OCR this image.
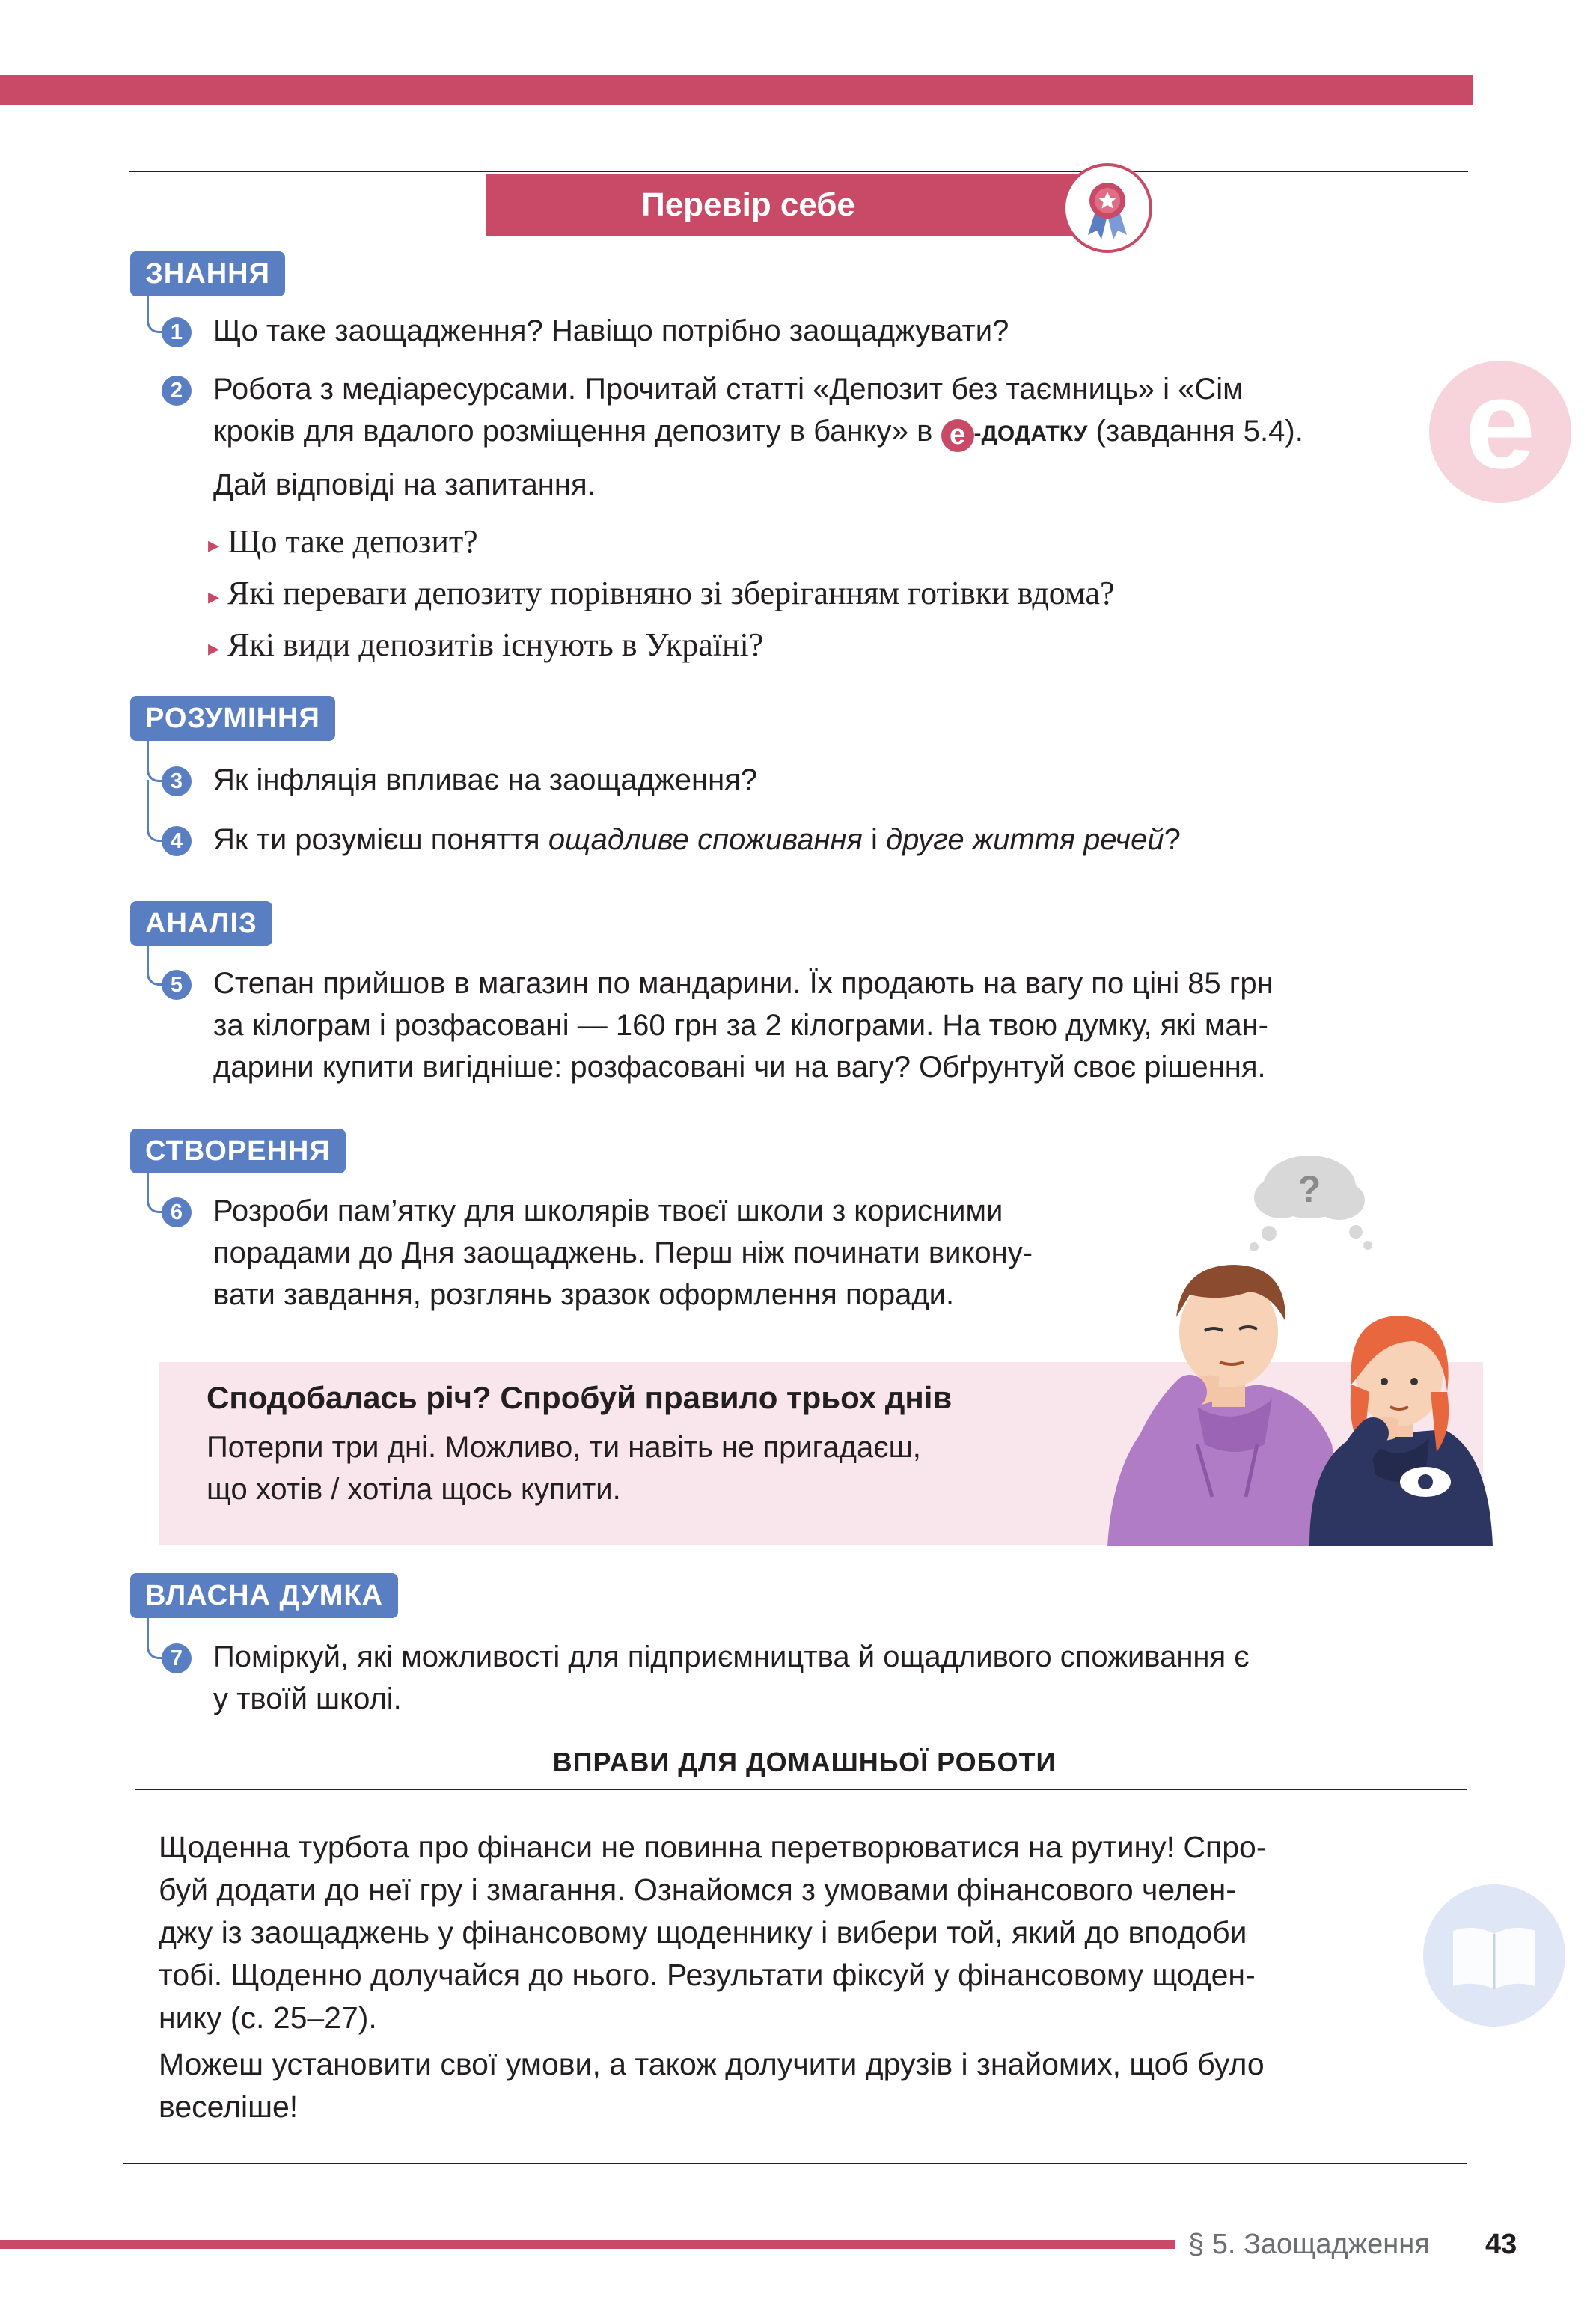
Перевір себе
e
ЗНАННЯ
1 Що таке заощадження? Навіщо потрібно заощаджувати?
2 Робота з медіаресурсами. Прочитай статті «Депозит без таємниць» і «Сім
кроків для вдалого розміщення депозиту в банку» в e -ДОДАТКУ (завдання 5.4).
Дай відповіді на запитання.
▸ Що таке депозит?
▸ Які переваги депозиту порівняно зі зберіганням готівки вдома?
▸ Які види депозитів існують в Україні?
РОЗУМІННЯ
3 Як інфляція впливає на заощадження?
4 Як ти розумієш поняття ощадливе споживання і друге життя речей?
АНАЛІЗ
5 Степан прийшов в магазин по мандарини. Їх продають на вагу по ціні 85 грн
за кілограм і розфасовані — 160 грн за 2 кілограми. На твою думку, які ман-
дарини купити вигідніше: розфасовані чи на вагу? Обґрунтуй своє рішення.
СТВОРЕННЯ
6 Розроби пам’ятку для школярів твоєї школи з корисними
порадами до Дня заощаджень. Перш ніж починати викону-
вати завдання, розглянь зразок оформлення поради.
Сподобалась річ? Спробуй правило трьох днів
Потерпи три дні. Можливо, ти навіть не пригадаєш,
що хотів / хотіла щось купити.
?
ВЛАСНА ДУМКА
7 Поміркуй, які можливості для підприємництва й ощадливого споживання є
у твоїй школі.
ВПРАВИ ДЛЯ ДОМАШНЬОЇ РОБОТИ
Щоденна турбота про фінанси не повинна перетворюватися на рутину! Спро-
буй додати до неї гру і змагання. Ознайомся з умовами фінансового челен-
джу із заощаджень у фінансовому щоденнику і вибери той, який до вподоби
тобі. Щоденно долучайся до нього. Результати фіксуй у фінансовому щоден-
нику (с. 25–27).
Можеш установити свої умови, а також долучити друзів і знайомих, щоб було
веселіше!
§ 5. Заощадження 43
